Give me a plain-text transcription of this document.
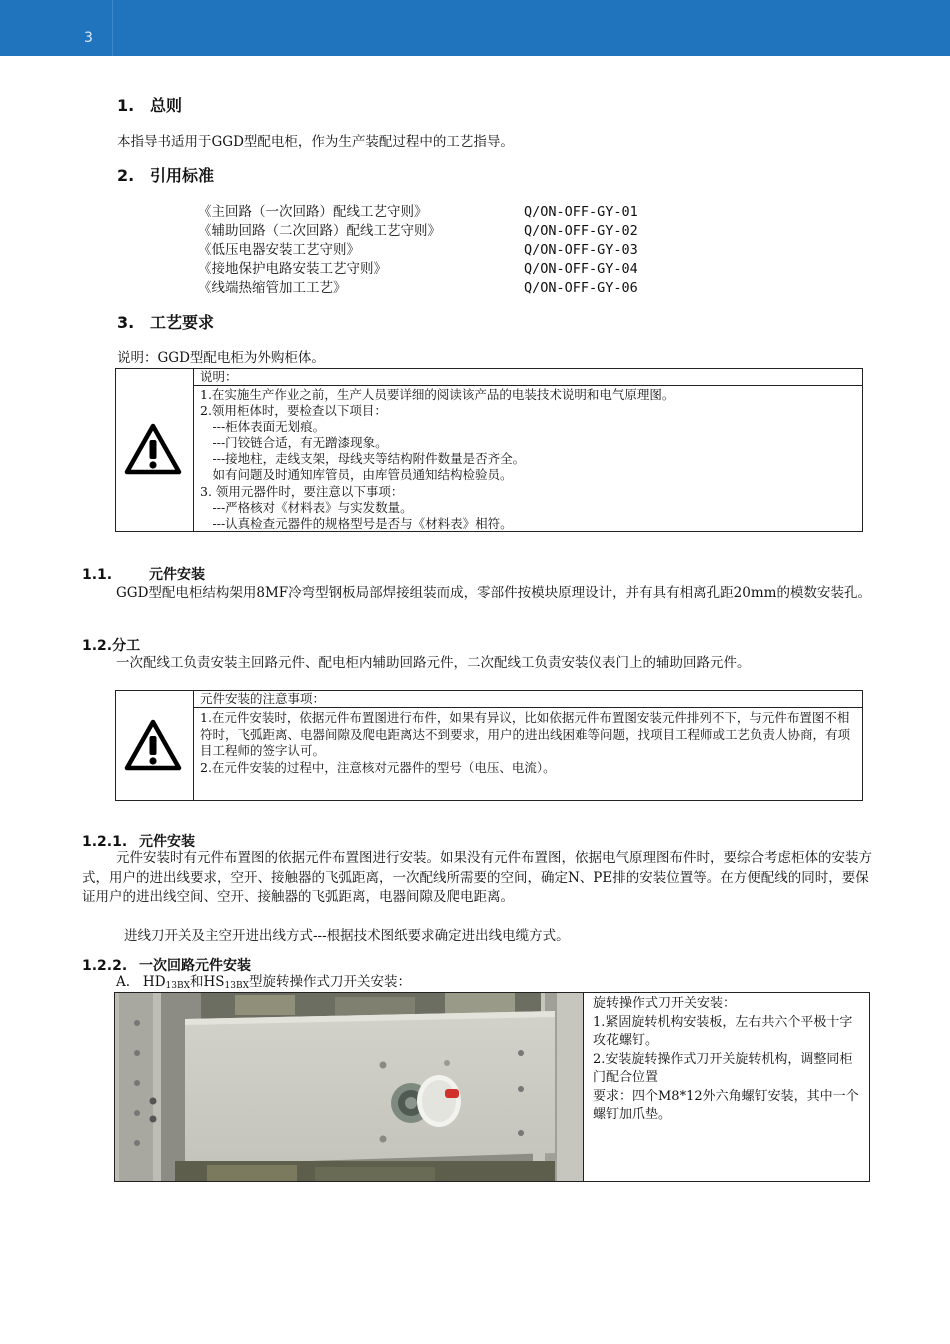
3
1. 总则
本指导书适用于GGD型配电柜，作为生产装配过程中的工艺指导。
2. 引用标准
《主回路（一次回路）配线工艺守则》	Q/ON-OFF-GY-01
《辅助回路（二次回路）配线工艺守则》	Q/ON-OFF-GY-02
《低压电器安装工艺守则》	Q/ON-OFF-GY-03
《接地保护电路安装工艺守则》	Q/ON-OFF-GY-04
《线端热缩管加工工艺》	Q/ON-OFF-GY-06
3. 工艺要求
说明：GGD型配电柜为外购柜体。
说明：
1.在实施生产作业之前，生产人员要详细的阅读该产品的电装技术说明和电气原理图。
2.领用柜体时，要检查以下项目：
　---柜体表面无划痕。
　---门铰链合适，有无蹭漆现象。
　---接地柱，走线支架，母线夹等结构附件数量是否齐全。
　如有问题及时通知库管员，由库管员通知结构检验员。
3. 领用元器件时，要注意以下事项：
　---严格核对《材料表》与实发数量。
　---认真检查元器件的规格型号是否与《材料表》相符。
1.1.	元件安装
GGD型配电柜结构架用8MF冷弯型钢板局部焊接组装而成，零部件按模块原理设计，并有具有相离孔距20mm的模数安装孔。
1.2.分工
一次配线工负责安装主回路元件、配电柜内辅助回路元件，二次配线工负责安装仪表门上的辅助回路元件。
元件安装的注意事项：
1.在元件安装时，依据元件布置图进行布件，如果有异议，比如依据元件布置图安装元件排列不下，与元件布置图不相符时，飞弧距离、电器间隙及爬电距离达不到要求，用户的进出线困难等问题，找项目工程师或工艺负责人协商，有项目工程师的签字认可。
2.在元件安装的过程中，注意核对元器件的型号（电压、电流）。
1.2.1. 元件安装
元件安装时有元件布置图的依据元件布置图进行安装。如果没有元件布置图，依据电气原理图布件时，要综合考虑柜体的安装方式，用户的进出线要求，空开、接触器的飞弧距离，一次配线所需要的空间，确定N、PE排的安装位置等。在方便配线的同时，要保证用户的进出线空间、空开、接触器的飞弧距离，电器间隙及爬电距离。
进线刀开关及主空开进出线方式---根据技术图纸要求确定进出线电缆方式。
1.2.2. 一次回路元件安装
A. $HD_{13BX}$和$HS_{13BX}$型旋转操作式刀开关安装：
旋转操作式刀开关安装：
1.紧固旋转机构安装板，左右共六个平极十字攻花螺钉。
2.安装旋转操作式刀开关旋转机构，调整同柜门配合位置
要求：四个M8*12外六角螺钉安装，其中一个螺钉加爪垫。
